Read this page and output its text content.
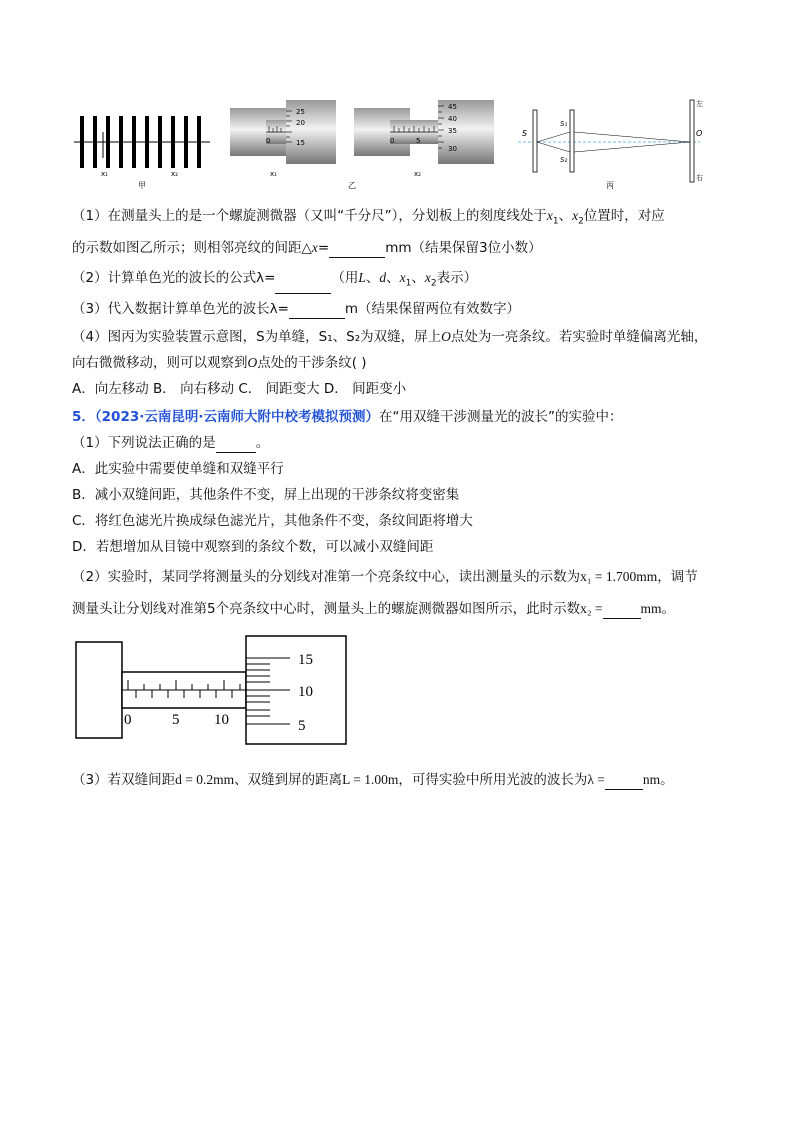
x₁	x₂
甲
25
20
15
0
x₁
乙
45
40
35
30
0	5
x₂
S
S₁
S₂
O
左
右
丙
（1）在测量头上的是一个螺旋测微器（又叫“千分尺”），分划板上的刻度线处于$x_1$、$x_2$位置时，对应
的示数如图乙所示；则相邻亮纹的间距△x=	mm（结果保留3位小数）
（2）计算单色光的波长的公式λ=	（用L、d、$x_1$、$x_2$表示）
（3）代入数据计算单色光的波长λ=	m（结果保留两位有效数字）
（4）图丙为实验装置示意图，S为单缝，S₁、S₂为双缝，屏上O点处为一亮条纹。若实验时单缝偏离光轴，
向右微微移动，则可以观察到O点处的干涉条纹( )
A．向左移动 B． 向右移动 C． 间距变大 D． 间距变小
5．（2023·云南昆明·云南师大附中校考模拟预测）在“用双缝干涉测量光的波长”的实验中：
（1）下列说法正确的是	。
A．此实验中需要使单缝和双缝平行
B．减小双缝间距，其他条件不变，屏上出现的干涉条纹将变密集
C．将红色滤光片换成绿色滤光片，其他条件不变，条纹间距将增大
D．若想增加从目镜中观察到的条纹个数，可以减小双缝间距
（2）实验时，某同学将测量头的分划线对准第一个亮条纹中心，读出测量头的示数为x₁ = 1.700mm，调节
测量头让分划线对准第5个亮条纹中心时，测量头上的螺旋测微器如图所示，此时示数x₂ =	mm。
15
10
5
0	5 10
（3）若双缝间距d = 0.2mm、双缝到屏的距离L = 1.00m，可得实验中所用光波的波长为λ =	nm。
